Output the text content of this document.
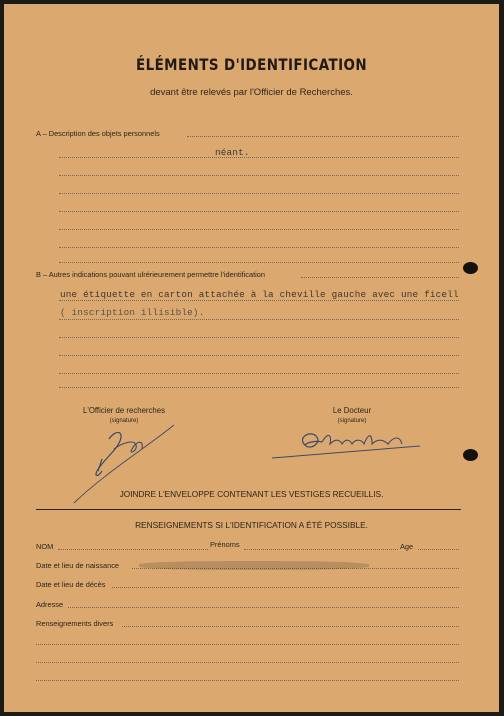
ÉLÉMENTS D'IDENTIFICATION
devant être relevés par l'Officier de Recherches.
A – Description des objets personnels
néant.
B – Autres indications pouvant ulrérieurement permettre l'identification
une étiquette en carton attachée à la cheville gauche avec une ficell
( inscription illisible).
L'Officier de recherches
(signature)
Le Docteur
(signature)
JOINDRE L'ENVELOPPE CONTENANT LES VESTIGES RECUEILLIS.
RENSEIGNEMENTS SI L'IDENTIFICATION A ÉTÉ POSSIBLE.
NOM	Prénoms	Age
Date et lieu de naissance
Date et lieu de décès
Adresse
Renseignements divers
